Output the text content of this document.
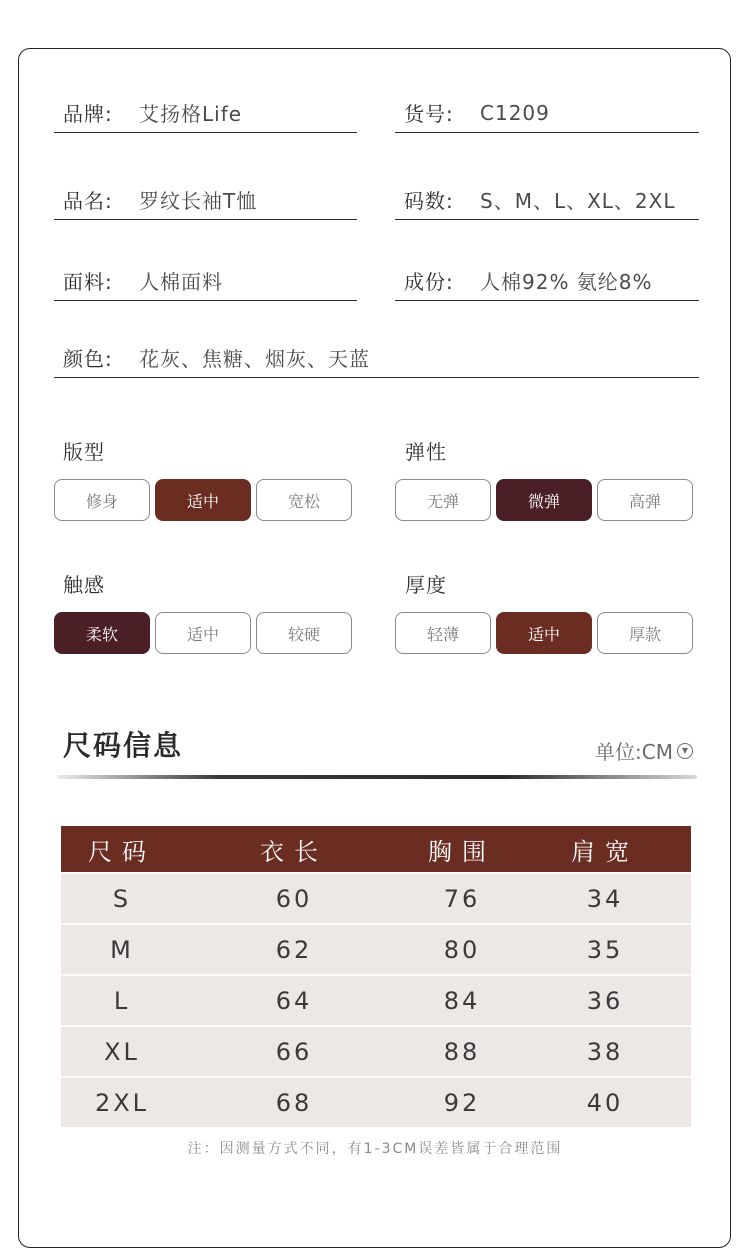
品牌:	艾扬格Life	货号:	C1209
品名:	罗纹长袖T恤	码数:	S、M、L、XL、2XL
面料:	人棉面料	成份:	人棉92% 氨纶8%
颜色:	花灰、焦糖、烟灰、天蓝
版型
修身	适中	宽松
弹性
无弹	微弹	高弹
触感
柔软	适中	较硬
厚度
轻薄	适中	厚款
尺码信息	单位:CM	▼
尺码	衣长	胸围	肩宽
S	60	76	34
M	62	80	35
L	64	84	36
XL	66	88	38
2XL	68	92	40
注：因测量方式不同，有1-3CM误差皆属于合理范围
